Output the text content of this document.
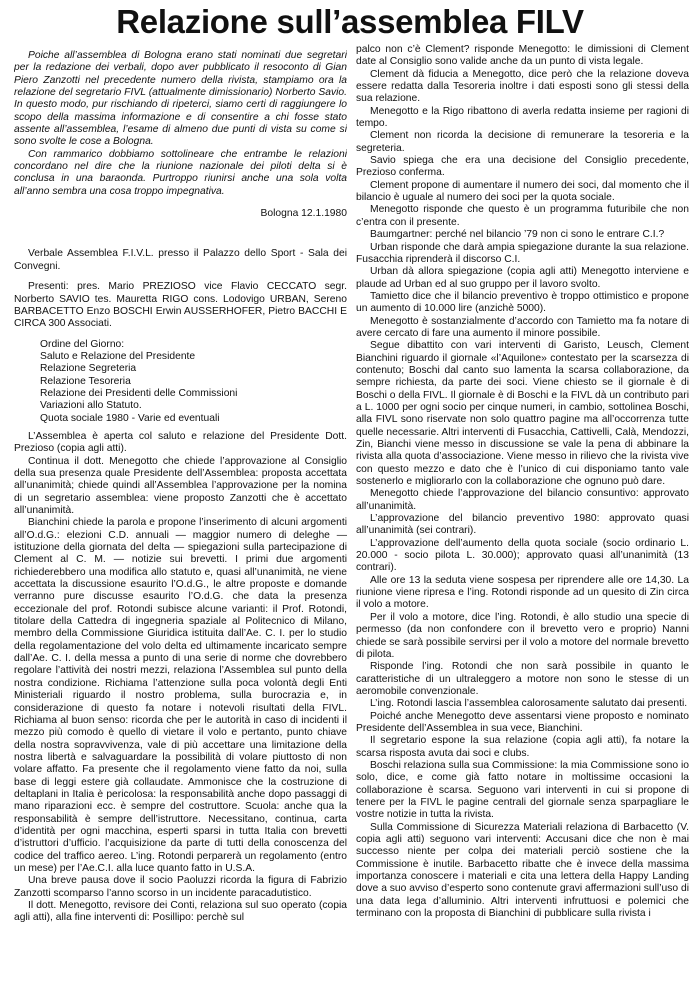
Relazione sull’assemblea FILV

Poiche all’assemblea di Bologna erano stati nominati due segretari per la redazione dei verbali, dopo aver pubblicato il resoconto di Gian Piero Zanzotti nel precedente numero della rivista, stampiamo ora la relazione del segretario FIVL (attualmente dimissionario) Norberto Savio. In questo modo, pur rischiando di ripeterci, siamo certi di raggiungere lo scopo della massima informazione e di consentire a chi fosse stato assente all’assemblea, l’esame di almeno due punti di vista su come si sono svolte le cose a Bologna.

Con rammarico dobbiamo sottolineare che entrambe le relazioni concordano nel dire che la riunione nazionale dei piloti delta si è conclusa in una baraonda. Purtroppo riunirsi anche una sola volta all’anno sembra una cosa troppo impegnativa.

Bologna 12.1.1980

Verbale Assemblea F.I.V.L. presso il Palazzo dello Sport - Sala dei Convegni.

Presenti: pres. Mario PREZIOSO vice Flavio CECCATO segr. Norberto SAVIO tes. Mauretta RIGO cons. Lodovigo URBAN, Sereno BARBACETTO Enzo BOSCHI Erwin AUSSERHOFER, Pietro BACCHI E CIRCA 300 Associati.

Ordine del Giorno:
Saluto e Relazione del Presidente
Relazione Segreteria
Relazione Tesoreria
Relazione dei Presidenti delle Commissioni
Variazioni allo Statuto.
Quota sociale 1980 - Varie ed eventuali

L’Assemblea è aperta col saluto e relazione del Presidente Dott. Prezioso (copia agli atti).

Continua il dott. Menegotto che chiede l’approvazione al Consiglio della sua presenza quale Presidente dell’Assemblea: proposta accettata all’unanimità; chiede quindi all’Assemblea l’approvazione per la nomina di un segretario assemblea: viene proposto Zanzotti che è accettato all’unanimità.

Bianchini chiede la parola e propone l’inserimento di alcuni argomenti all’O.d.G.: elezioni C.D. annuali — maggior numero di deleghe — istituzione della giornata del delta — spiegazioni sulla partecipazione di Clement al C. M. — notizie sui brevetti. I primi due argomenti richiederebbero una modifica allo statuto e, quasi all’unanimità, ne viene accettata la discussione esaurito l’O.d.G., le altre proposte e domande verranno pure discusse esaurito l’O.d.G. che data la presenza eccezionale del prof. Rotondi subisce alcune varianti: il Prof. Rotondi, titolare della Cattedra di ingegneria spaziale al Politecnico di Milano, membro della Commissione Giuridica istituita dall’Ae. C. I. per lo studio della regolamentazione del volo delta ed ultimamente incaricato sempre dall’Ae. C. I. della messa a punto di una serie di norme che dovrebbero regolare l’attività dei nostri mezzi, relaziona l’Assemblea sul punto della nostra condizione. Richiama l’attenzione sulla poca volontà degli Enti Ministeriali riguardo il nostro problema, sulla burocrazia e, in considerazione di questo fa notare i notevoli risultati della FIVL. Richiama al buon senso: ricorda che per le autorità in caso di incidenti il mezzo più comodo è quello di vietare il volo e pertanto, punto chiave della nostra sopravvivenza, vale di più accettare una limitazione della nostra libertà e salvaguardare la possibilità di volare piuttosto di non volare affatto. Fa presente che il regolamento viene fatto da noi, sulla base di leggi estere già collaudate. Ammonisce che la costruzione di deltaplani in Italia è pericolosa: la responsabilità anche dopo passaggi di mano riparazioni ecc. è sempre del costruttore. Scuola: anche qua la responsabilità è sempre dell’istruttore. Necessitano, continua, carta d’identità per ogni macchina, esperti sparsi in tutta Italia con brevetti d’istruttori d’ufficio. l’acquisizione da parte di tutti della conoscenza del codice del traffico aereo. L’ing. Rotondi perparerà un regolamento (entro un mese) per l’Ae.C.I. alla luce quanto fatto in U.S.A.

Una breve pausa dove il socio Paoluzzi ricorda la figura di Fabrizio Zanzotti scomparso l’anno scorso in un incidente paracadutistico.

Il dott. Menegotto, revisore dei Conti, relaziona sul suo operato (copia agli atti), alla fine interventi di: Posillipo: perchè sul

palco non c’è Clement? risponde Menegotto: le dimissioni di Clement date al Consiglio sono valide anche da un punto di vista legale.

Clement dà fiducia a Menegotto, dice però che la relazione doveva essere redatta dalla Tesoreria inoltre i dati esposti sono gli stessi della sua relazione.

Menegotto e la Rigo ribattono di averla redatta insieme per ragioni di tempo.

Clement non ricorda la decisione di remunerare la tesoreria e la segreteria.

Savio spiega che era una decisione del Consiglio precedente, Prezioso conferma.

Clement propone di aumentare il numero dei soci, dal momento che il bilancio è uguale al numero dei soci per la quota sociale.

Menegotto risponde che questo è un programma futuribile che non c’entra con il presente.

Baumgartner: perché nel bilancio ’79 non ci sono le entrare C.I.?

Urban risponde che darà ampia spiegazione durante la sua relazione. Fusacchia riprenderà il discorso C.I.

Urban dà allora spiegazione (copia agli atti) Menegotto interviene e plaude ad Urban ed al suo gruppo per il lavoro svolto.

Tamietto dice che il bilancio preventivo è troppo ottimistico e propone un aumento di 10.000 lire (anzichè 5000).

Menegotto è sostanzialmente d’accordo con Tamietto ma fa notare di avere cercato di fare una aumento il minore possibile.

Segue dibattito con vari interventi di Garisto, Leusch, Clement Bianchini riguardo il giornale «l’Aquilone» contestato per la scarsezza di contenuto; Boschi dal canto suo lamenta la scarsa collaborazione, da sempre richiesta, da parte dei soci. Viene chiesto se il giornale è di Boschi o della FIVL. Il giornale è di Boschi e la FIVL dà un contributo pari a L. 1000 per ogni socio per cinque numeri, in cambio, sottolinea Boschi, alla FIVL sono riservate non solo quattro pagine ma all’occorrenza tutte quelle necessarie. Altri interventi di Fusacchia, Cattivelli, Calà, Mendozzi, Zin, Bianchi viene messo in discussione se vale la pena di abbinare la rivista alla quota d’associazione. Viene messo in rilievo che la rivista vive con questo mezzo e dato che è l’unico di cui disponiamo tanto vale sostenerlo e migliorarlo con la collaborazione che ognuno può dare.

Menegotto chiede l’approvazione del bilancio consuntivo: approvato all’unanimità.

L’approvazione del bilancio preventivo 1980: approvato quasi all’unanimità (sei contrari).

L’approvazione dell’aumento della quota sociale (socio ordinario L. 20.000 - socio pilota L. 30.000); approvato quasi all’unanimità (13 contrari).

Alle ore 13 la seduta viene sospesa per riprendere alle ore 14,30. La riunione viene ripresa e l’ing. Rotondi risponde ad un quesito di Zin circa il volo a motore.

Per il volo a motore, dice l’ing. Rotondi, è allo studio una specie di permesso (da non confondere con il brevetto vero e proprio) Nanni chiede se sarà possibile servirsi per il volo a motore del normale brevetto di pilota.

Risponde l’ing. Rotondi che non sarà possibile in quanto le caratteristiche di un ultraleggero a motore non sono le stesse di un aeromobile convenzionale.

L’ing. Rotondi lascia l’assemblea calorosamente salutato dai presenti.

Poiché anche Menegotto deve assentarsi viene proposto e nominato Presidente dell’Assemblea in sua vece, Bianchini.

Il segretario espone la sua relazione (copia agli atti), fa notare la scarsa risposta avuta dai soci e clubs.

Boschi relaziona sulla sua Commissione: la mia Commissione sono io solo, dice, e come già fatto notare in moltissime occasioni la collaborazione è scarsa. Seguono vari interventi in cui si propone di tenere per la FIVL le pagine centrali del giornale senza sparpagliare le vostre notizie in tutta la rivista.

Sulla Commissione di Sicurezza Materiali relaziona di Barbacetto (V. copia agli atti) seguono vari interventi: Accusani dice che non è mai successo niente per colpa dei materiali perciò sostiene che la Commissione è inutile. Barbacetto ribatte che è invece della massima importanza conoscere i materiali e cita una lettera della Happy Landing dove a suo avviso d’esperto sono contenute gravi affermazioni sull’uso di una data lega d’alluminio. Altri interventi infruttuosi e polemici che terminano con la proposta di Bianchini di pubblicare sulla rivista i
